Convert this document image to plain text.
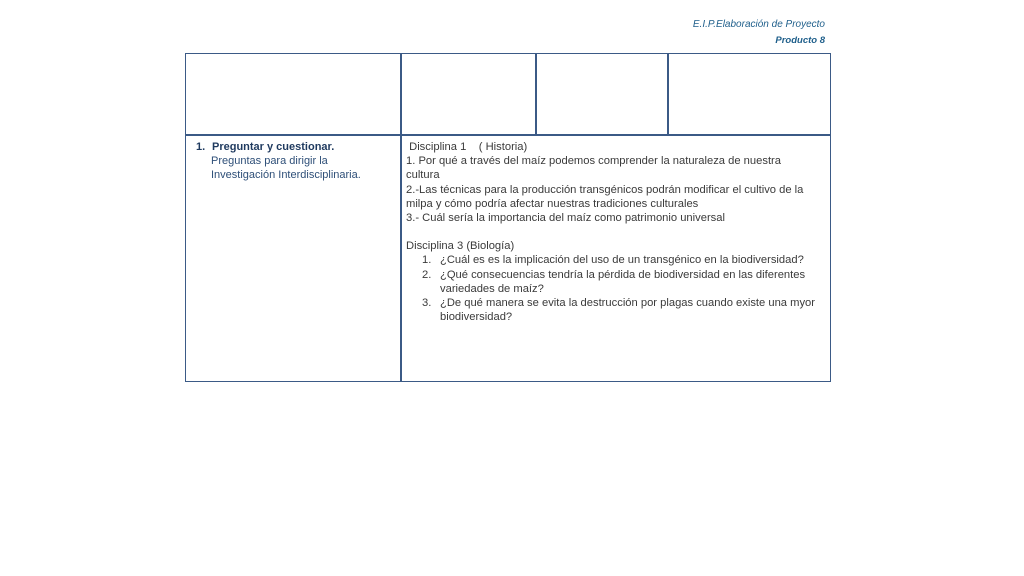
E.I.P.Elaboración de Proyecto
Producto 8
1. Preguntar y cuestionar.
Preguntas para dirigir la
Investigación Interdisciplinaria.
Disciplina 1    ( Historia)
1. Por qué a través del maíz podemos comprender la naturaleza de nuestra
cultura
2.-Las técnicas para la producción transgénicos podrán modificar el cultivo de la
milpa y cómo podría afectar nuestras tradiciones culturales
3.- Cuál sería la importancia del maíz como patrimonio universal
Disciplina 3 (Biología)
1. ¿Cuál es es la implicación del uso de un transgénico en la biodiversidad?
2. ¿Qué consecuencias tendría la pérdida de biodiversidad en las diferentes
variedades de maíz?
3. ¿De qué manera se evita la destrucción por plagas cuando existe una myor
biodiversidad?
